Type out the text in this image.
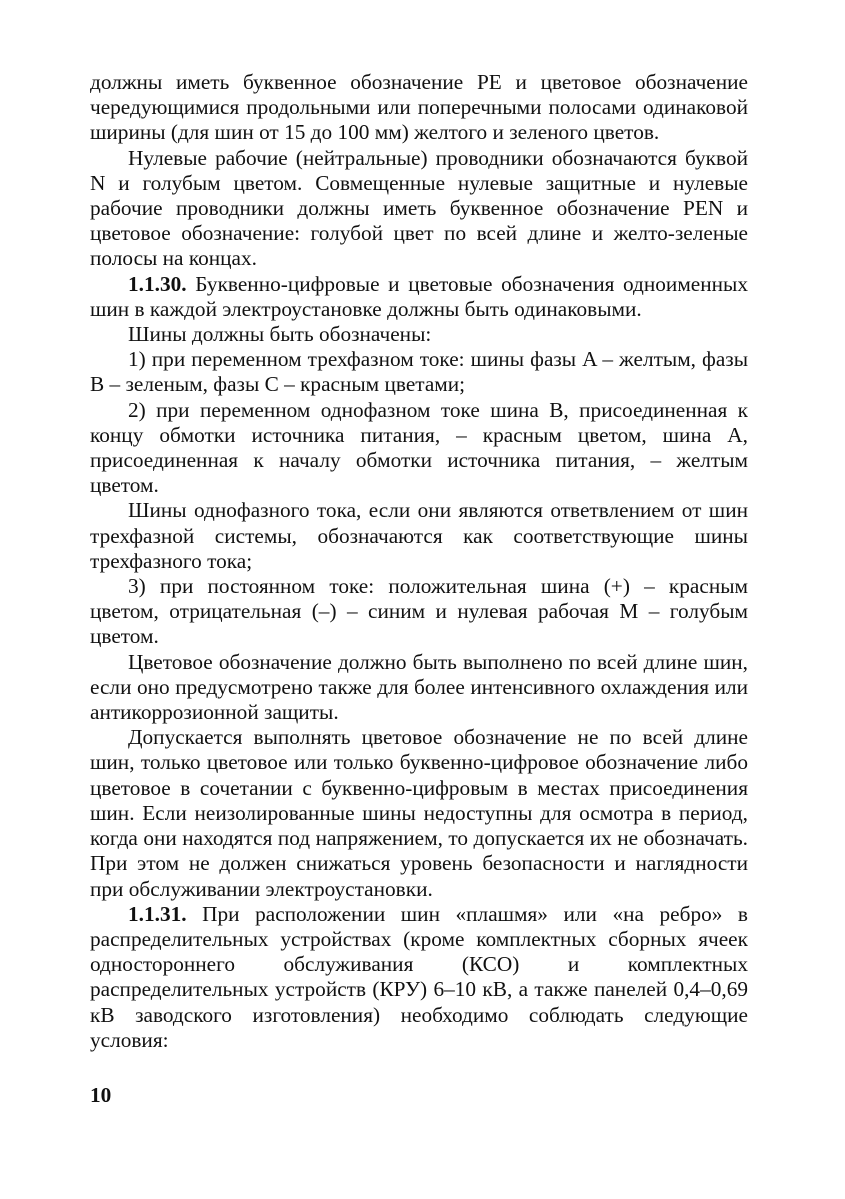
должны иметь буквенное обозначение PE и цветовое обозначение чередующимися продольными или поперечными полосами одинаковой ширины (для шин от 15 до 100 мм) желтого и зеленого цветов.

Нулевые рабочие (нейтральные) проводники обозначаются буквой N и голубым цветом. Совмещенные нулевые защитные и нулевые рабочие проводники должны иметь буквенное обозначение PEN и цветовое обозначение: голубой цвет по всей длине и желто-зеленые полосы на концах.

1.1.30. Буквенно-цифровые и цветовые обозначения одноименных шин в каждой электроустановке должны быть одинаковыми.

Шины должны быть обозначены:

1) при переменном трехфазном токе: шины фазы A – желтым, фазы B – зеленым, фазы C – красным цветами;

2) при переменном однофазном токе шина B, присоединенная к концу обмотки источника питания, – красным цветом, шина A, присоединенная к началу обмотки источника питания, – желтым цветом.

Шины однофазного тока, если они являются ответвлением от шин трехфазной системы, обозначаются как соответствующие шины трехфазного тока;

3) при постоянном токе: положительная шина (+) – красным цветом, отрицательная (–) – синим и нулевая рабочая M – голубым цветом.

Цветовое обозначение должно быть выполнено по всей длине шин, если оно предусмотрено также для более интенсивного охлаждения или антикоррозионной защиты.

Допускается выполнять цветовое обозначение не по всей длине шин, только цветовое или только буквенно-цифровое обозначение либо цветовое в сочетании с буквенно-цифровым в местах присоединения шин. Если неизолированные шины недоступны для осмотра в период, когда они находятся под напряжением, то допускается их не обозначать. При этом не должен снижаться уровень безопасности и наглядности при обслуживании электроустановки.

1.1.31. При расположении шин «плашмя» или «на ребро» в распределительных устройствах (кроме комплектных сборных ячеек одностороннего обслуживания (КСО) и комплектных распределительных устройств (КРУ) 6–10 кВ, а также панелей 0,4–0,69 кВ заводского изготовления) необходимо соблюдать следующие условия:

10
